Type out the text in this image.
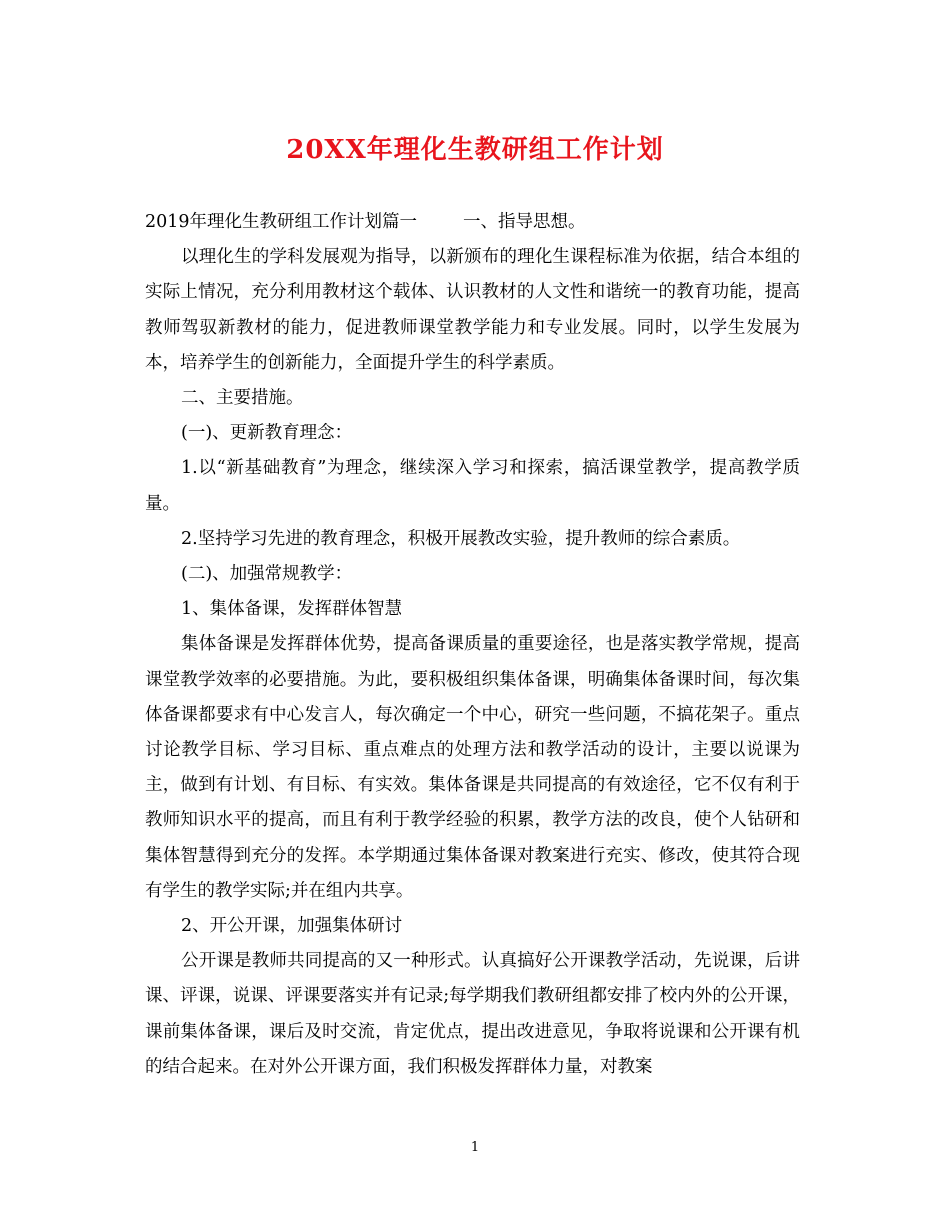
20XX年理化生教研组工作计划

2019年理化生教研组工作计划篇一	一、指导思想。

以理化生的学科发展观为指导，以新颁布的理化生课程标准为依据，结合本组的实际上情况，充分利用教材这个载体、认识教材的人文性和谐统一的教育功能，提高教师驾驭新教材的能力，促进教师课堂教学能力和专业发展。同时，以学生发展为本，培养学生的创新能力，全面提升学生的科学素质。

二、主要措施。

(一)、更新教育理念：

1.以“新基础教育”为理念，继续深入学习和探索，搞活课堂教学，提高教学质量。

2.坚持学习先进的教育理念，积极开展教改实验，提升教师的综合素质。

(二)、加强常规教学：

1、集体备课，发挥群体智慧

集体备课是发挥群体优势，提高备课质量的重要途径，也是落实教学常规，提高课堂教学效率的必要措施。为此，要积极组织集体备课，明确集体备课时间，每次集体备课都要求有中心发言人，每次确定一个中心，研究一些问题，不搞花架子。重点讨论教学目标、学习目标、重点难点的处理方法和教学活动的设计，主要以说课为主，做到有计划、有目标、有实效。集体备课是共同提高的有效途径，它不仅有利于教师知识水平的提高，而且有利于教学经验的积累，教学方法的改良，使个人钻研和集体智慧得到充分的发挥。本学期通过集体备课对教案进行充实、修改，使其符合现有学生的教学实际;并在组内共享。

2、开公开课，加强集体研讨

公开课是教师共同提高的又一种形式。认真搞好公开课教学活动，先说课，后讲课、评课，说课、评课要落实并有记录;每学期我们教研组都安排了校内外的公开课，课前集体备课，课后及时交流，肯定优点，提出改进意见，争取将说课和公开课有机的结合起来。在对外公开课方面，我们积极发挥群体力量，对教案

1
